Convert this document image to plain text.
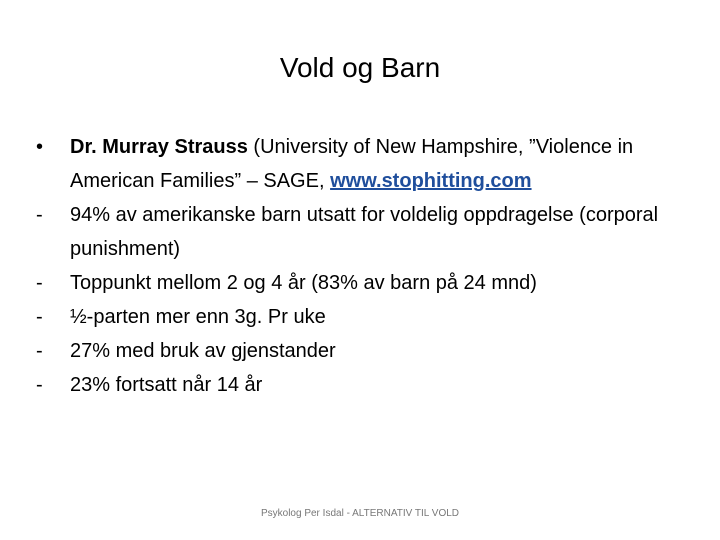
Vold og Barn
•	Dr. Murray Strauss (University of New Hampshire, ”Violence in American Families” – SAGE, www.stophitting.com
-	94% av amerikanske barn utsatt for voldelig oppdragelse (corporal punishment)
-	Toppunkt mellom 2 og 4 år (83% av barn på 24 mnd)
-	½-parten mer enn 3g. Pr uke
-	27% med bruk av gjenstander
-	23% fortsatt når 14 år
Psykolog Per Isdal - ALTERNATIV TIL VOLD
